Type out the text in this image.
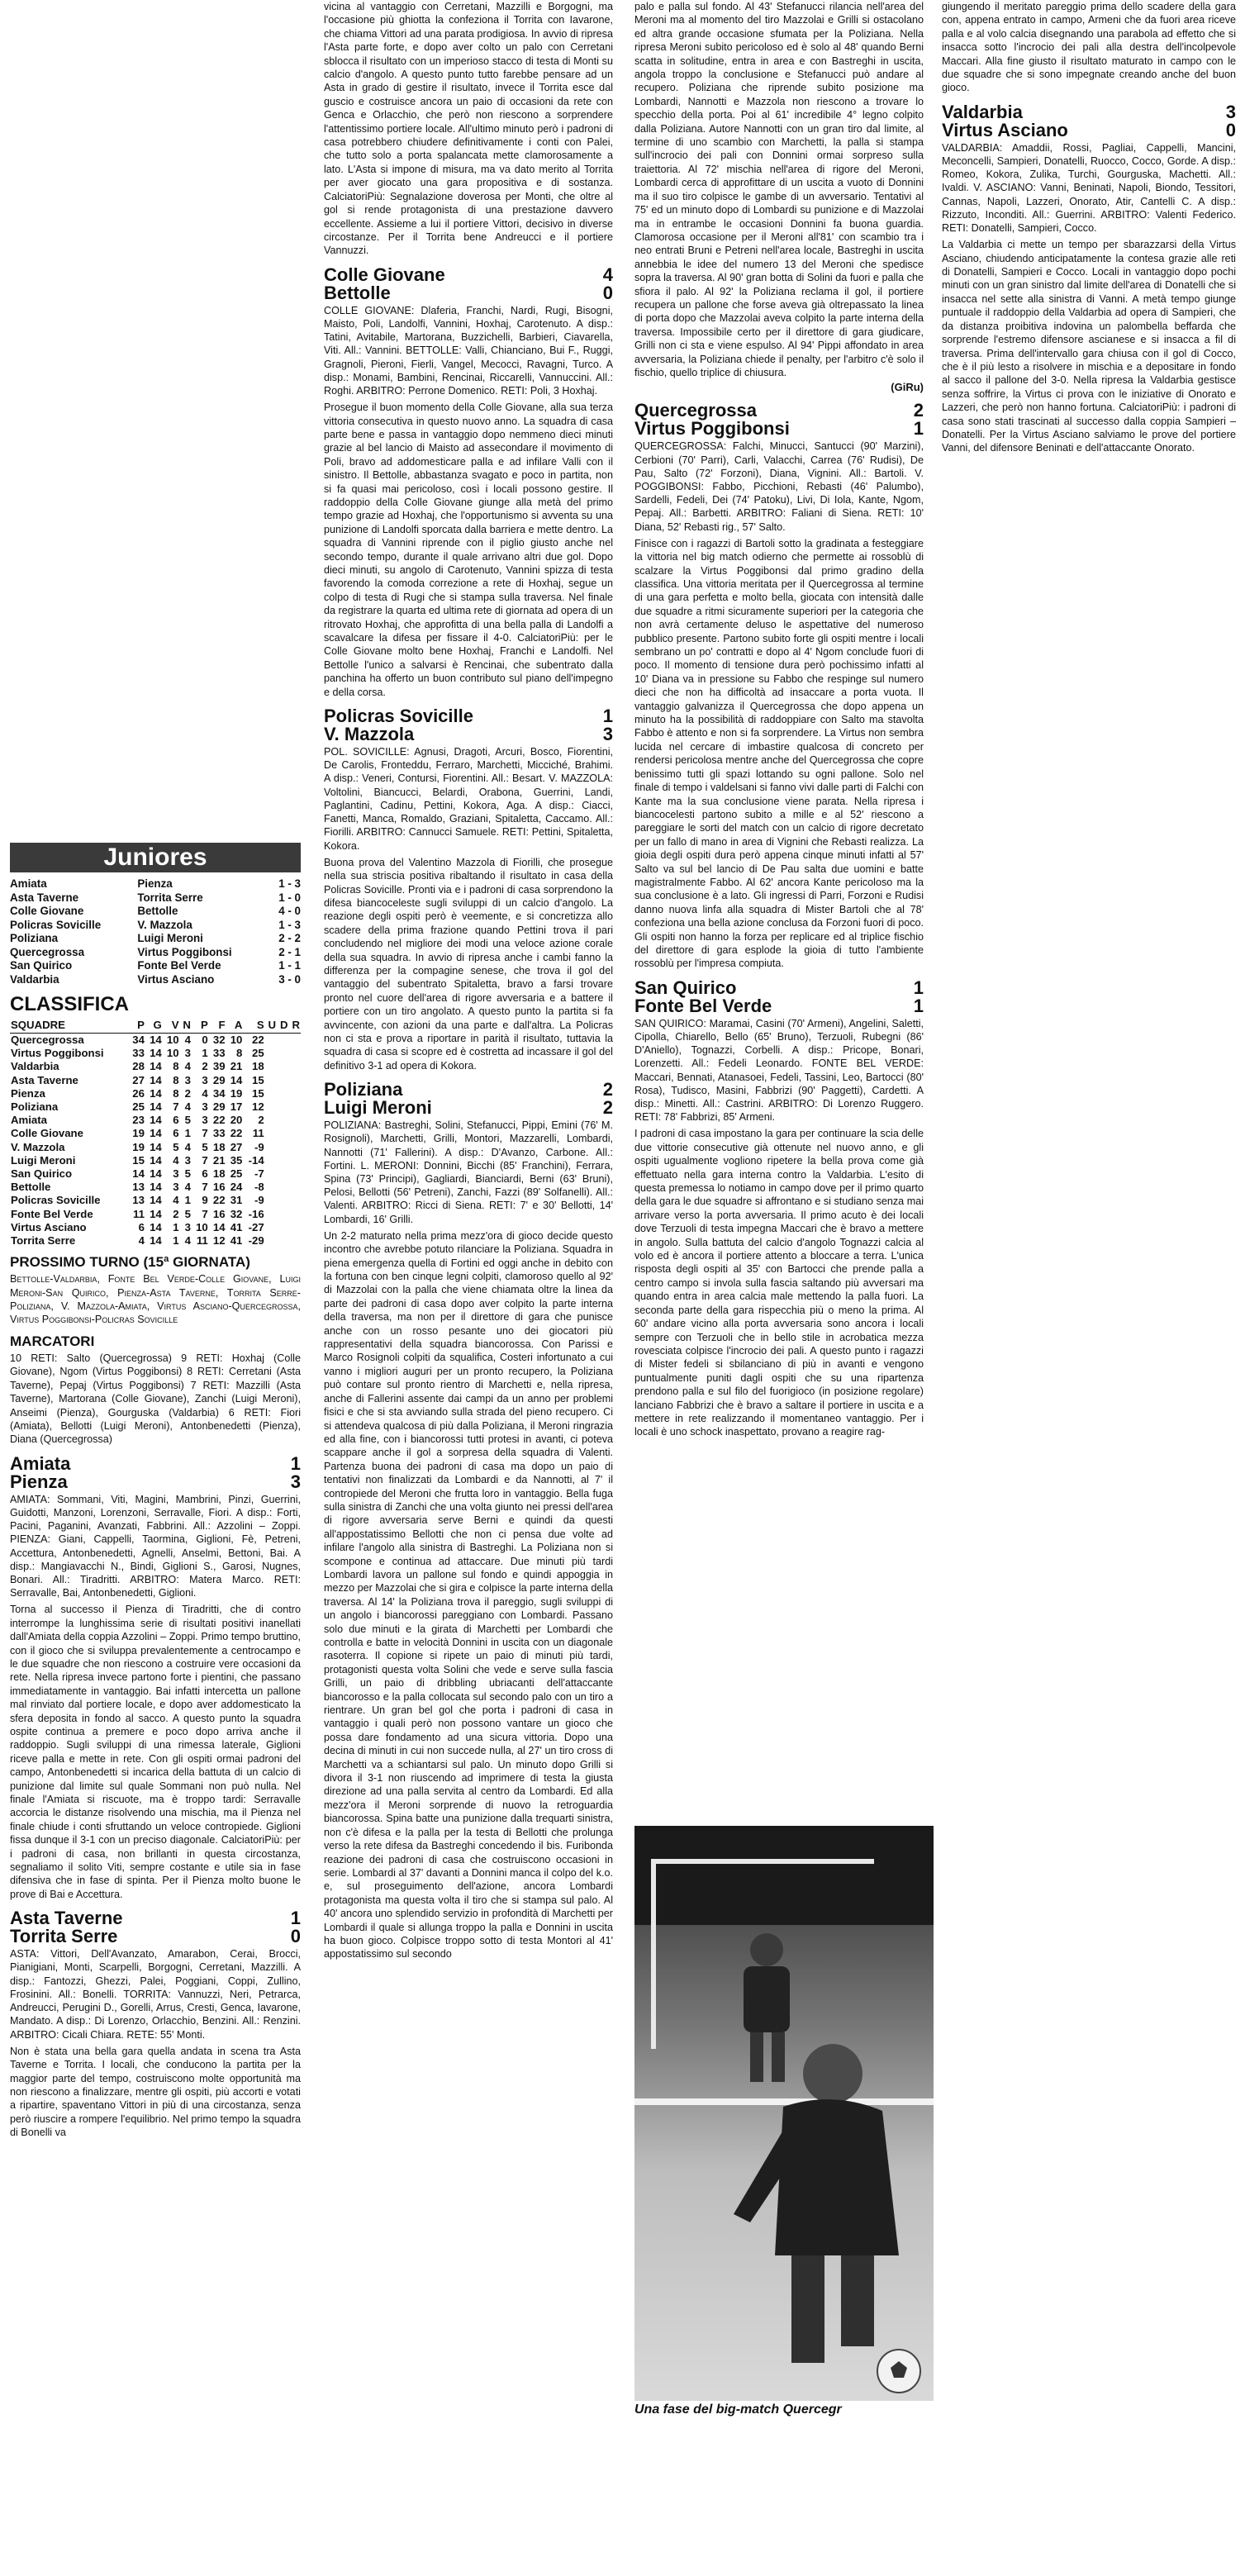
Juniores
Amiata	Pienza	1 - 3
Asta Taverne	Torrita Serre	1 - 0
Colle Giovane	Bettolle	4 - 0
Policras Sovicille	V. Mazzola	1 - 3
Poliziana	Luigi Meroni	2 - 2
Quercegrossa	Virtus Poggibonsi	2 - 1
San Quirico	Fonte Bel Verde	1 - 1
Valdarbia	Virtus Asciano	3 - 0
CLASSIFICA
SQUADRE	P	G	V	N	P	F	A	S	U	D	R
Quercegrossa	34	14	10	4	0	32	10	22			
Virtus Poggibonsi	33	14	10	3	1	33	8	25			
Valdarbia	28	14	8	4	2	39	21	18			
Asta Taverne	27	14	8	3	3	29	14	15			
Pienza	26	14	8	2	4	34	19	15			
Poliziana	25	14	7	4	3	29	17	12			
Amiata	23	14	6	5	3	22	20	2			
Colle Giovane	19	14	6	1	7	33	22	11			
V. Mazzola	19	14	5	4	5	18	27	-9			
Luigi Meroni	15	14	4	3	7	21	35	-14			
San Quirico	14	14	3	5	6	18	25	-7			
Bettolle	13	14	3	4	7	16	24	-8			
Policras Sovicille	13	14	4	1	9	22	31	-9			
Fonte Bel Verde	11	14	2	5	7	16	32	-16			
Virtus Asciano	6	14	1	3	10	14	41	-27			
Torrita Serre	4	14	1	4	11	12	41	-29			
PROSSIMO TURNO (15ª GIORNATA)

Bettolle-Valdarbia, Fonte Bel Verde-Colle Giovane, Luigi Meroni-San Quirico, Pienza-Asta Taverne, Torrita Serre-Poliziana, V. Mazzola-Amiata, Virtus Asciano-Quercegrossa, Virtus Poggibonsi-Policras Sovicille

MARCATORI

10 RETI: Salto (Quercegrossa) 9 RETI: Hoxhaj (Colle Giovane), Ngom (Virtus Poggibonsi) 8 RETI: Cerretani (Asta Taverne), Pepaj (Virtus Poggibonsi) 7 RETI: Mazzilli (Asta Taverne), Martorana (Colle Giovane), Zanchi (Luigi Meroni), Anseimi (Pienza), Gourguska (Valdarbia) 6 RETI: Fiori (Amiata), Bellotti (Luigi Meroni), Antonbenedetti (Pienza), Diana (Quercegrossa)

Amiata	1
Pienza	3

AMIATA: Sommani, Viti, Magini, Mambrini, Pinzi, Guerrini, Guidotti, Manzoni, Lorenzoni, Serravalle, Fiori. A disp.: Forti, Pacini, Paganini, Avanzati, Fabbrini. All.: Azzolini – Zoppi. PIENZA: Giani, Cappelli, Taormina, Giglioni, Fè, Petreni, Accettura, Antonbenedetti, Agnelli, Anselmi, Bettoni, Bai. A disp.: Mangiavacchi N., Bindi, Giglioni S., Garosi, Nugnes, Bonari. All.: Tiradritti. ARBITRO: Matera Marco. RETI: Serravalle, Bai, Antonbenedetti, Giglioni.

Torna al successo il Pienza di Tiradritti, che di contro interrompe la lunghissima serie di risultati positivi inanellati dall'Amiata della coppia Azzolini – Zoppi. Primo tempo bruttino, con il gioco che si sviluppa prevalentemente a centrocampo e le due squadre che non riescono a costruire vere occasioni da rete. Nella ripresa invece partono forte i pientini, che passano immediatamente in vantaggio. Bai infatti intercetta un pallone mal rinviato dal portiere locale, e dopo aver addomesticato la sfera deposita in fondo al sacco. A questo punto la squadra ospite continua a premere e poco dopo arriva anche il raddoppio. Sugli sviluppi di una rimessa laterale, Giglioni riceve palla e mette in rete. Con gli ospiti ormai padroni del campo, Antonbenedetti si incarica della battuta di un calcio di punizione dal limite sul quale Sommani non può nulla. Nel finale l'Amiata si riscuote, ma è troppo tardi: Serravalle accorcia le distanze risolvendo una mischia, ma il Pienza nel finale chiude i conti sfruttando un veloce contropiede. Giglioni fissa dunque il 3-1 con un preciso diagonale. CalciatoriPiù: per i padroni di casa, non brillanti in questa circostanza, segnaliamo il solito Viti, sempre costante e utile sia in fase difensiva che in fase di spinta. Per il Pienza molto buone le prove di Bai e Accettura.

Asta Taverne	1
Torrita Serre	0

ASTA: Vittori, Dell'Avanzato, Amarabon, Cerai, Brocci, Pianigiani, Monti, Scarpelli, Borgogni, Cerretani, Mazzilli. A disp.: Fantozzi, Ghezzi, Palei, Poggiani, Coppi, Zullino, Frosinini. All.: Bonelli. TORRITA: Vannuzzi, Neri, Petrarca, Andreucci, Perugini D., Gorelli, Arrus, Cresti, Genca, Iavarone, Mandato. A disp.: Di Lorenzo, Orlacchio, Benzini. All.: Renzini. ARBITRO: Cicali Chiara. RETE: 55' Monti.

Non è stata una bella gara quella andata in scena tra Asta Taverne e Torrita. I locali, che conducono la partita per la maggior parte del tempo, costruiscono molte opportunità ma non riescono a finalizzare, mentre gli ospiti, più accorti e votati a ripartire, spaventano Vittori in più di una circostanza, senza però riuscire a rompere l'equilibrio. Nel primo tempo la squadra di Bonelli va

vicina al vantaggio con Cerretani, Mazzilli e Borgogni, ma l'occasione più ghiotta la confeziona il Torrita con Iavarone, che chiama Vittori ad una parata prodigiosa. In avvio di ripresa l'Asta parte forte, e dopo aver colto un palo con Cerretani sblocca il risultato con un imperioso stacco di testa di Monti su calcio d'angolo. A questo punto tutto farebbe pensare ad un Asta in grado di gestire il risultato, invece il Torrita esce dal guscio e costruisce ancora un paio di occasioni da rete con Genca e Orlacchio, che però non riescono a sorprendere l'attentissimo portiere locale. All'ultimo minuto però i padroni di casa potrebbero chiudere definitivamente i conti con Palei, che tutto solo a porta spalancata mette clamorosamente a lato. L'Asta si impone di misura, ma va dato merito al Torrita per aver giocato una gara propositiva e di sostanza. CalciatoriPiù: Segnalazione doverosa per Monti, che oltre al gol si rende protagonista di una prestazione davvero eccellente. Assieme a lui il portiere Vittori, decisivo in diverse circostanze. Per il Torrita bene Andreucci e il portiere Vannuzzi.

Colle Giovane	4
Bettolle	0

COLLE GIOVANE: Dlaferia, Franchi, Nardi, Rugi, Bisogni, Maisto, Poli, Landolfi, Vannini, Hoxhaj, Carotenuto. A disp.: Tatini, Avitabile, Martorana, Buzzichelli, Barbieri, Ciavarella, Viti. All.: Vannini. BETTOLLE: Valli, Chianciano, Bui F., Ruggi, Gragnoli, Pieroni, Fierli, Vangel, Mecocci, Ravagni, Turco. A disp.: Monami, Bambini, Rencinai, Riccarelli, Vannuccini. All.: Roghi. ARBITRO: Perrone Domenico. RETI: Poli, 3 Hoxhaj.

Prosegue il buon momento della Colle Giovane, alla sua terza vittoria consecutiva in questo nuovo anno. La squadra di casa parte bene e passa in vantaggio dopo nemmeno dieci minuti grazie al bel lancio di Maisto ad assecondare il movimento di Poli, bravo ad addomesticare palla e ad infilare Valli con il sinistro. Il Bettolle, abbastanza svagato e poco in partita, non si fa quasi mai pericoloso, così i locali possono gestire. Il raddoppio della Colle Giovane giunge alla metà del primo tempo grazie ad Hoxhaj, che l'opportunismo si avventa su una punizione di Landolfi sporcata dalla barriera e mette dentro. La squadra di Vannini riprende con il piglio giusto anche nel secondo tempo, durante il quale arrivano altri due gol. Dopo dieci minuti, su angolo di Carotenuto, Vannini spizza di testa favorendo la comoda correzione a rete di Hoxhaj, segue un colpo di testa di Rugi che si stampa sulla traversa. Nel finale da registrare la quarta ed ultima rete di giornata ad opera di un ritrovato Hoxhaj, che approfitta di una bella palla di Landolfi a scavalcare la difesa per fissare il 4-0. CalciatoriPiù: per le Colle Giovane molto bene Hoxhaj, Franchi e Landolfi. Nel Bettolle l'unico a salvarsi è Rencinai, che subentrato dalla panchina ha offerto un buon contributo sul piano dell'impegno e della corsa.

Policras Sovicille	1
V. Mazzola	3

POL. SOVICILLE: Agnusi, Dragoti, Arcuri, Bosco, Fiorentini, De Carolis, Fronteddu, Ferraro, Marchetti, Micciché, Brahimi. A disp.: Veneri, Contursi, Fiorentini. All.: Besart. V. MAZZOLA: Voltolini, Biancucci, Belardi, Orabona, Guerrini, Landi, Paglantini, Cadinu, Pettini, Kokora, Aga. A disp.: Ciacci, Fanetti, Manca, Romaldo, Graziani, Spitaletta, Caccamo. All.: Fiorilli. ARBITRO: Cannucci Samuele. RETI: Pettini, Spitaletta, Kokora.

Buona prova del Valentino Mazzola di Fiorilli, che prosegue nella sua striscia positiva ribaltando il risultato in casa della Policras Sovicille. Pronti via e i padroni di casa sorprendono la difesa biancoceleste sugli sviluppi di un calcio d'angolo. La reazione degli ospiti però è veemente, e si concretizza allo scadere della prima frazione quando Pettini trova il pari concludendo nel migliore dei modi una veloce azione corale della sua squadra. In avvio di ripresa anche i cambi fanno la differenza per la compagine senese, che trova il gol del vantaggio del subentrato Spitaletta, bravo a farsi trovare pronto nel cuore dell'area di rigore avversaria e a battere il portiere con un tiro angolato. A questo punto la partita si fa avvincente, con azioni da una parte e dall'altra. La Policras non ci sta e prova a riportare in parità il risultato, tuttavia la squadra di casa si scopre ed è costretta ad incassare il gol del definitivo 3-1 ad opera di Kokora.

Poliziana	2
Luigi Meroni	2

POLIZIANA: Bastreghi, Solini, Stefanucci, Pippi, Emini (76' M. Rosignoli), Marchetti, Grilli, Montori, Mazzarelli, Lombardi, Nannotti (71' Fallerini). A disp.: D'Avanzo, Carbone. All.: Fortini. L. MERONI: Donnini, Bicchi (85' Franchini), Ferrara, Spina (73' Principi), Gagliardi, Bianciardi, Berni (63' Bruni), Pelosi, Bellotti (56' Petreni), Zanchi, Fazzi (89' Solfanelli). All.: Valenti. ARBITRO: Ricci di Siena. RETI: 7' e 30' Bellotti, 14' Lombardi, 16' Grilli.

Un 2-2 maturato nella prima mezz'ora di gioco decide questo incontro che avrebbe potuto rilanciare la Poliziana. Squadra in piena emergenza quella di Fortini ed oggi anche in debito con la fortuna con ben cinque legni colpiti, clamoroso quello al 92' di Mazzolai con la palla che viene chiamata oltre la linea da parte dei padroni di casa dopo aver colpito la parte interna della traversa, ma non per il direttore di gara che punisce anche con un rosso pesante uno dei giocatori più rappresentativi della squadra biancorossa. Con Parissi e Marco Rosignoli colpiti da squalifica, Costeri infortunato a cui vanno i migliori auguri per un pronto recupero, la Poliziana può contare sul pronto rientro di Marchetti e, nella ripresa, anche di Fallerini assente dai campi da un anno per problemi fisici e che si sta avviando sulla strada del pieno recupero. Ci si attendeva qualcosa di più dalla Poliziana, il Meroni ringrazia ed alla fine, con i biancorossi tutti protesi in avanti, ci poteva scappare anche il gol a sorpresa della squadra di Valenti. Partenza buona dei padroni di casa ma dopo un paio di tentativi non finalizzati da Lombardi e da Nannotti, al 7' il contropiede del Meroni che frutta loro in vantaggio. Bella fuga sulla sinistra di Zanchi che una volta giunto nei pressi dell'area di rigore avversaria serve Berni e quindi da questi all'appostatissimo Bellotti che non ci pensa due volte ad infilare l'angolo alla sinistra di Bastreghi. La Poliziana non si scompone e continua ad attaccare. Due minuti più tardi Lombardi lavora un pallone sul fondo e quindi appoggia in mezzo per Mazzolai che si gira e colpisce la parte interna della traversa. Al 14' la Poliziana trova il pareggio, sugli sviluppi di un angolo i biancorossi pareggiano con Lombardi. Passano solo due minuti e la girata di Marchetti per Lombardi che controlla e batte in velocità Donnini in uscita con un diagonale rasoterra. Il copione si ripete un paio di minuti più tardi, protagonisti questa volta Solini che vede e serve sulla fascia Grilli, un paio di dribbling ubriacanti dell'attaccante biancorosso e la palla collocata sul secondo palo con un tiro a rientrare. Un gran bel gol che porta i padroni di casa in vantaggio i quali però non possono vantare un gioco che possa dare fondamento ad una sicura vittoria. Dopo una decina di minuti in cui non succede nulla, al 27' un tiro cross di Marchetti va a schiantarsi sul palo. Un minuto dopo Grilli si divora il 3-1 non riuscendo ad imprimere di testa la giusta direzione ad una palla servita al centro da Lombardi. Ed alla mezz'ora il Meroni sorprende di nuovo la retroguardia biancorossa. Spina batte una punizione dalla trequarti sinistra, non c'è difesa e la palla per la testa di Bellotti che prolunga verso la rete difesa da Bastreghi concedendo il bis. Furibonda reazione dei padroni di casa che costruiscono occasioni in serie. Lombardi al 37' davanti a Donnini manca il colpo del k.o. e, sul proseguimento dell'azione, ancora Lombardi protagonista ma questa volta il tiro che si stampa sul palo. Al 40' ancora uno splendido servizio in profondità di Marchetti per Lombardi il quale si allunga troppo la palla e Donnini in uscita ha buon gioco. Colpisce troppo sotto di testa Montori al 41' appostatissimo sul secondo

palo e palla sul fondo. Al 43' Stefanucci rilancia nell'area del Meroni ma al momento del tiro Mazzolai e Grilli si ostacolano ed altra grande occasione sfumata per la Poliziana. Nella ripresa Meroni subito pericoloso ed è solo al 48' quando Berni scatta in solitudine, entra in area e con Bastreghi in uscita, angola troppo la conclusione e Stefanucci può andare al recupero. Poliziana che riprende subito posizione ma Lombardi, Nannotti e Mazzola non riescono a trovare lo specchio della porta. Poi al 61' incredibile 4° legno colpito dalla Poliziana. Autore Nannotti con un gran tiro dal limite, al termine di uno scambio con Marchetti, la palla si stampa sull'incrocio dei pali con Donnini ormai sorpreso sulla traiettoria. Al 72' mischia nell'area di rigore del Meroni, Lombardi cerca di approfittare di un uscita a vuoto di Donnini ma il suo tiro colpisce le gambe di un avversario. Tentativi al 75' ed un minuto dopo di Lombardi su punizione e di Mazzolai ma in entrambe le occasioni Donnini fa buona guardia. Clamorosa occasione per il Meroni all'81' con scambio tra i neo entrati Bruni e Petreni nell'area locale, Bastreghi in uscita annebbia le idee del numero 13 del Meroni che spedisce sopra la traversa. Al 90' gran botta di Solini da fuori e palla che sfiora il palo. Al 92' la Poliziana reclama il gol, il portiere recupera un pallone che forse aveva già oltrepassato la linea di porta dopo che Mazzolai aveva colpito la parte interna della traversa. Impossibile certo per il direttore di gara giudicare, Grilli non ci sta e viene espulso. Al 94' Pippi affondato in area avversaria, la Poliziana chiede il penalty, per l'arbitro c'è solo il fischio, quello triplice di chiusura.

(GiRu)
Quercegrossa	2
Virtus Poggibonsi	1

QUERCEGROSSA: Falchi, Minucci, Santucci (90' Marzini), Cerbioni (70' Parri), Carli, Valacchi, Carrea (76' Rudisi), De Pau, Salto (72' Forzoni), Diana, Vignini. All.: Bartoli. V. POGGIBONSI: Fabbo, Picchioni, Rebasti (46' Palumbo), Sardelli, Fedeli, Dei (74' Patoku), Livi, Di Iola, Kante, Ngom, Pepaj. All.: Barbetti. ARBITRO: Faliani di Siena. RETI: 10' Diana, 52' Rebasti rig., 57' Salto.

Finisce con i ragazzi di Bartoli sotto la gradinata a festeggiare la vittoria nel big match odierno che permette ai rossoblù di scalzare la Virtus Poggibonsi dal primo gradino della classifica. Una vittoria meritata per il Quercegrossa al termine di una gara perfetta e molto bella, giocata con intensità dalle due squadre a ritmi sicuramente superiori per la categoria che non avrà certamente deluso le aspettative del numeroso pubblico presente. Partono subito forte gli ospiti mentre i locali sembrano un po' contratti e dopo al 4' Ngom conclude fuori di poco. Il momento di tensione dura però pochissimo infatti al 10' Diana va in pressione su Fabbo che respinge sul numero dieci che non ha difficoltà ad insaccare a porta vuota. Il vantaggio galvanizza il Quercegrossa che dopo appena un minuto ha la possibilità di raddoppiare con Salto ma stavolta Fabbo è attento e non si fa sorprendere. La Virtus non sembra lucida nel cercare di imbastire qualcosa di concreto per rendersi pericolosa mentre anche del Quercegrossa che copre benissimo tutti gli spazi lottando su ogni pallone. Solo nel finale di tempo i valdelsani si fanno vivi dalle parti di Falchi con Kante ma la sua conclusione viene parata. Nella ripresa i biancocelesti partono subito a mille e al 52' riescono a pareggiare le sorti del match con un calcio di rigore decretato per un fallo di mano in area di Vignini che Rebasti realizza. La gioia degli ospiti dura però appena cinque minuti infatti al 57' Salto va sul bel lancio di De Pau salta due uomini e batte magistralmente Fabbo. Al 62' ancora Kante pericoloso ma la sua conclusione è a lato. Gli ingressi di Parri, Forzoni e Rudisi danno nuova linfa alla squadra di Mister Bartoli che al 78' confeziona una bella azione conclusa da Forzoni fuori di poco. Gli ospiti non hanno la forza per replicare ed al triplice fischio del direttore di gara esplode la gioia di tutto l'ambiente rossoblù per l'impresa compiuta.

San Quirico	1
Fonte Bel Verde	1

SAN QUIRICO: Maramai, Casini (70' Armeni), Angelini, Saletti, Cipolla, Chiarello, Bello (65' Bruno), Terzuoli, Rubegni (86' D'Aniello), Tognazzi, Corbelli. A disp.: Pricope, Bonari, Lorenzetti. All.: Fedeli Leonardo. FONTE BEL VERDE: Maccari, Bennati, Atanasoei, Fedeli, Tassini, Leo, Bartocci (80' Rosa), Tudisco, Masini, Fabbrizi (90' Paggetti), Cardetti. A disp.: Minetti. All.: Castrini. ARBITRO: Di Lorenzo Ruggero. RETI: 78' Fabbrizi, 85' Armeni.

I padroni di casa impostano la gara per continuare la scia delle due vittorie consecutive già ottenute nel nuovo anno, e gli ospiti ugualmente vogliono ripetere la bella prova come già effettuato nella gara interna contro la Valdarbia. L'esito di questa premessa lo notiamo in campo dove per il primo quarto della gara le due squadre si affrontano e si studiano senza mai arrivare verso la porta avversaria. Il primo acuto è dei locali dove Terzuoli di testa impegna Maccari che è bravo a mettere in angolo. Sulla battuta del calcio d'angolo Tognazzi calcia al volo ed è ancora il portiere attento a bloccare a terra. L'unica risposta degli ospiti al 35' con Bartocci che prende palla a centro campo si invola sulla fascia saltando più avversari ma quando entra in area calcia male mettendo la palla fuori. La seconda parte della gara rispecchia più o meno la prima. Al 60' andare vicino alla porta avversaria sono ancora i locali sempre con Terzuoli che in bello stile in acrobatica mezza rovesciata colpisce l'incrocio dei pali. A questo punto i ragazzi di Mister fedeli si sbilanciano di più in avanti e vengono puntualmente puniti dagli ospiti che su una ripartenza prendono palla e sul filo del fuorigioco (in posizione regolare) lanciano Fabbrizi che è bravo a saltare il portiere in uscita e a mettere in rete realizzando il momentaneo vantaggio. Per i locali è uno schock inaspettato, provano a reagire rag-

giungendo il meritato pareggio prima dello scadere della gara con, appena entrato in campo, Armeni che da fuori area riceve palla e al volo calcia disegnando una parabola ad effetto che si insacca sotto l'incrocio dei pali alla destra dell'incolpevole Maccari. Alla fine giusto il risultato maturato in campo con le due squadre che si sono impegnate creando anche del buon gioco.

Valdarbia	3
Virtus Asciano	0

VALDARBIA: Amaddii, Rossi, Pagliai, Cappelli, Mancini, Meconcelli, Sampieri, Donatelli, Ruocco, Cocco, Gorde. A disp.: Romeo, Kokora, Zulika, Turchi, Gourguska, Machetti. All.: Ivaldi. V. ASCIANO: Vanni, Beninati, Napoli, Biondo, Tessitori, Cannas, Napoli, Lazzeri, Onorato, Atir, Cantelli C. A disp.: Rizzuto, Inconditi. All.: Guerrini. ARBITRO: Valenti Federico. RETI: Donatelli, Sampieri, Cocco.

La Valdarbia ci mette un tempo per sbarazzarsi della Virtus Asciano, chiudendo anticipatamente la contesa grazie alle reti di Donatelli, Sampieri e Cocco. Locali in vantaggio dopo pochi minuti con un gran sinistro dal limite dell'area di Donatelli che si insacca nel sette alla sinistra di Vanni. A metà tempo giunge puntuale il raddoppio della Valdarbia ad opera di Sampieri, che da distanza proibitiva indovina un palombella beffarda che sorprende l'estremo difensore ascianese e si insacca a fil di traversa. Prima dell'intervallo gara chiusa con il gol di Cocco, che è il più lesto a risolvere in mischia e a depositare in fondo al sacco il pallone del 3-0. Nella ripresa la Valdarbia gestisce senza soffrire, la Virtus ci prova con le iniziative di Onorato e Lazzeri, che però non hanno fortuna. CalciatoriPiù: i padroni di casa sono stati trascinati al successo dalla coppia Sampieri – Donatelli. Per la Virtus Asciano salviamo le prove del portiere Vanni, del difensore Beninati e dell'attaccante Onorato.

Una fase del big-match Quercegr
